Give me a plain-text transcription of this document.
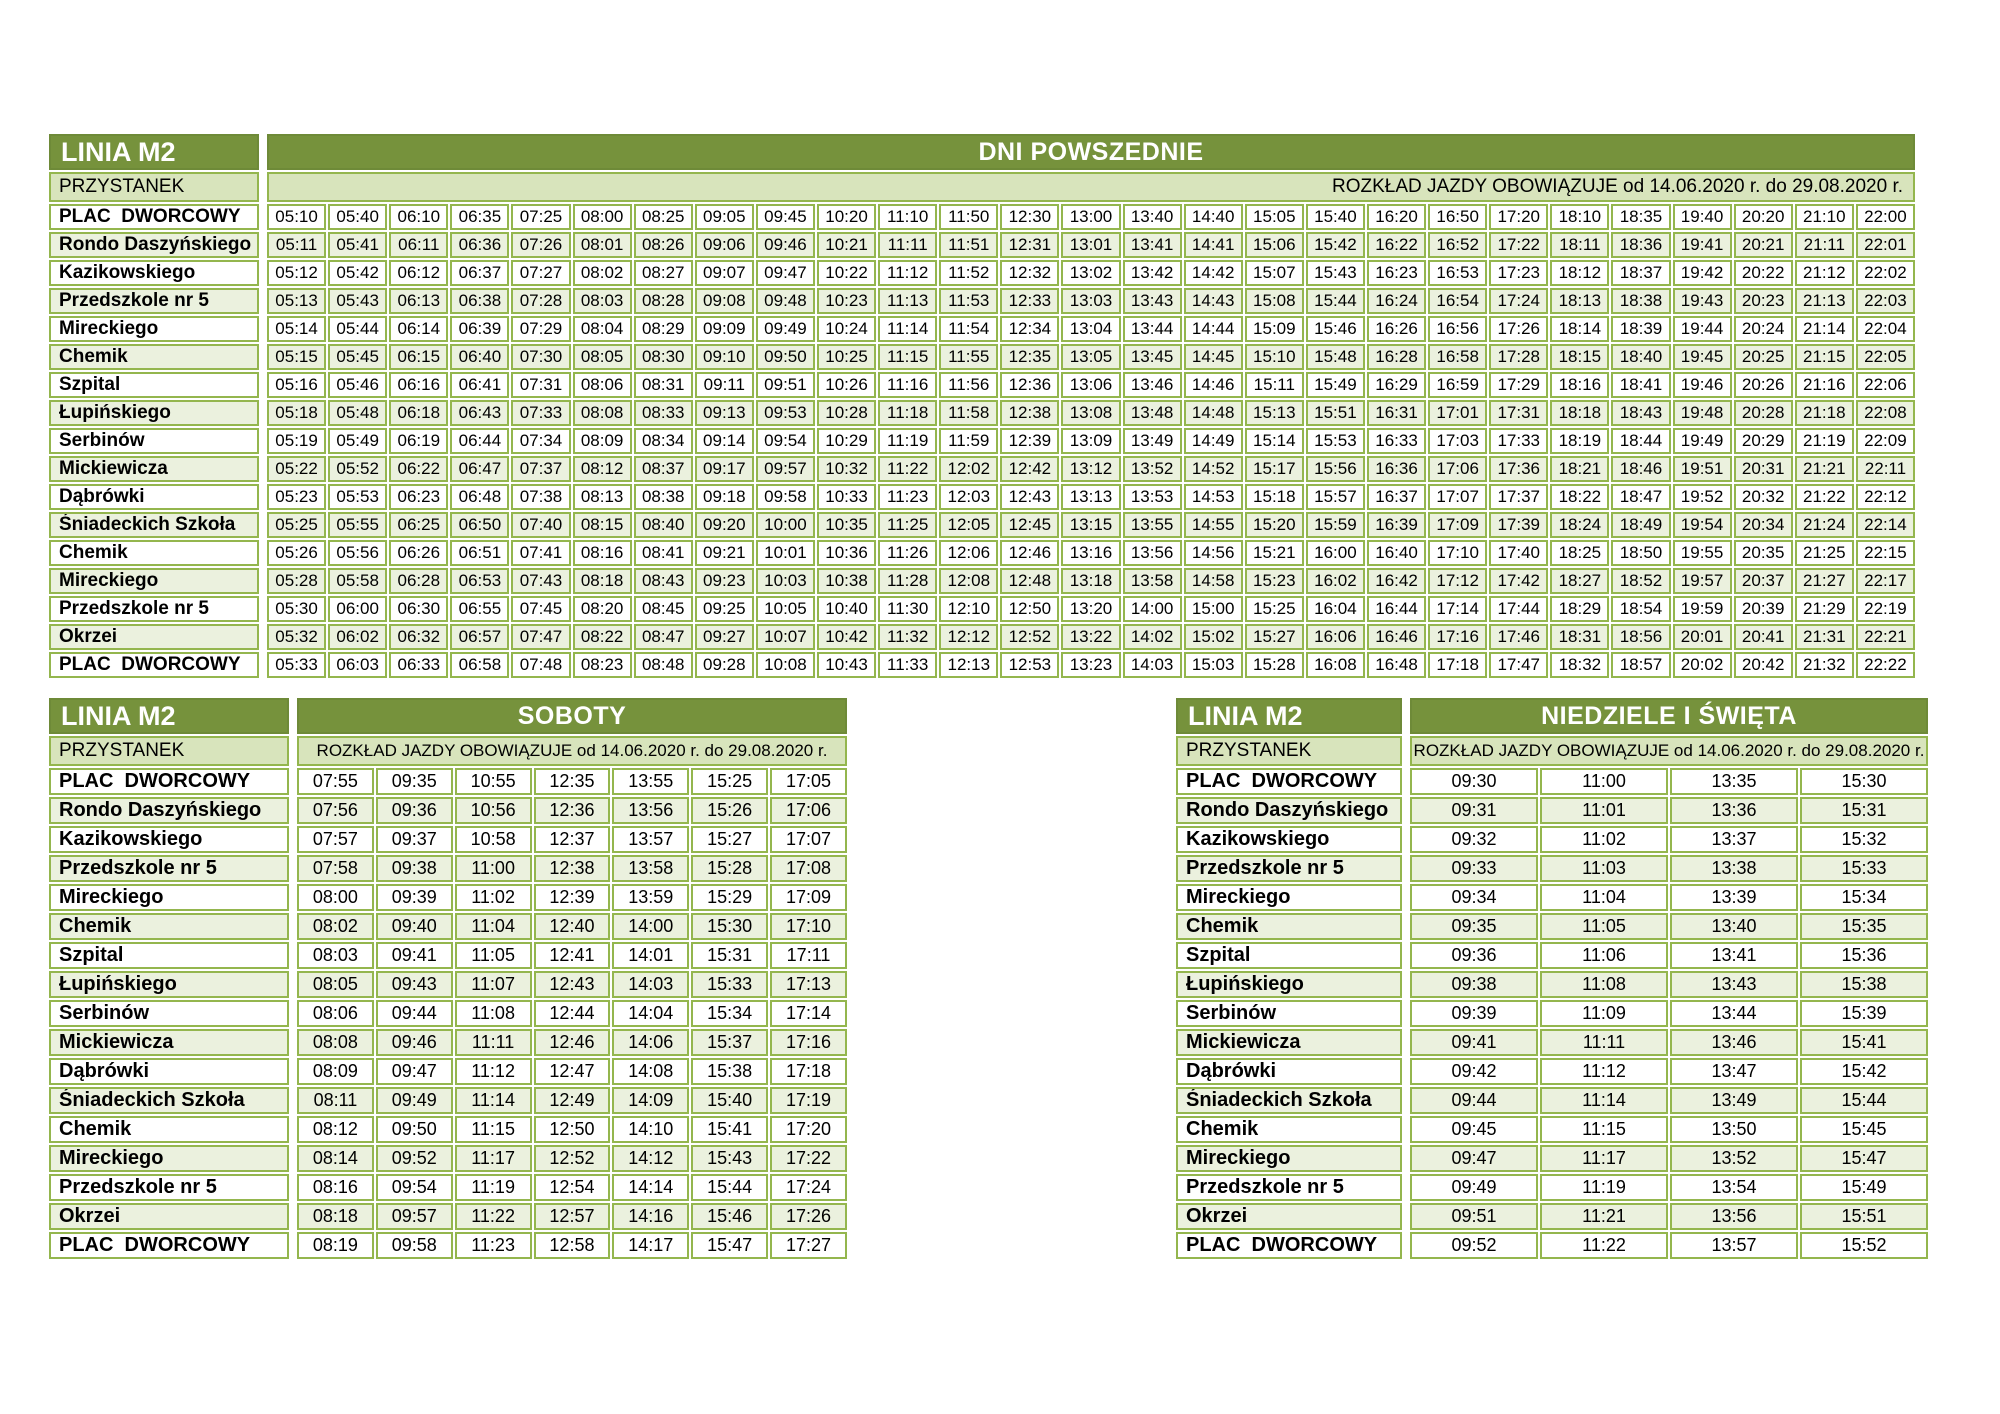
LINIA M2		DNI POWSZEDNIE																										
PRZYSTANEK		ROZKŁAD JAZDY OBOWIĄZUJE od 14.06.2020 r. do 29.08.2020 r.																										
PLAC  DWORCOWY		05:10	05:40	06:10	06:35	07:25	08:00	08:25	09:05	09:45	10:20	11:10	11:50	12:30	13:00	13:40	14:40	15:05	15:40	16:20	16:50	17:20	18:10	18:35	19:40	20:20	21:10	22:00
Rondo Daszyńskiego		05:11	05:41	06:11	06:36	07:26	08:01	08:26	09:06	09:46	10:21	11:11	11:51	12:31	13:01	13:41	14:41	15:06	15:42	16:22	16:52	17:22	18:11	18:36	19:41	20:21	21:11	22:01
Kazikowskiego		05:12	05:42	06:12	06:37	07:27	08:02	08:27	09:07	09:47	10:22	11:12	11:52	12:32	13:02	13:42	14:42	15:07	15:43	16:23	16:53	17:23	18:12	18:37	19:42	20:22	21:12	22:02
Przedszkole nr 5		05:13	05:43	06:13	06:38	07:28	08:03	08:28	09:08	09:48	10:23	11:13	11:53	12:33	13:03	13:43	14:43	15:08	15:44	16:24	16:54	17:24	18:13	18:38	19:43	20:23	21:13	22:03
Mireckiego		05:14	05:44	06:14	06:39	07:29	08:04	08:29	09:09	09:49	10:24	11:14	11:54	12:34	13:04	13:44	14:44	15:09	15:46	16:26	16:56	17:26	18:14	18:39	19:44	20:24	21:14	22:04
Chemik		05:15	05:45	06:15	06:40	07:30	08:05	08:30	09:10	09:50	10:25	11:15	11:55	12:35	13:05	13:45	14:45	15:10	15:48	16:28	16:58	17:28	18:15	18:40	19:45	20:25	21:15	22:05
Szpital		05:16	05:46	06:16	06:41	07:31	08:06	08:31	09:11	09:51	10:26	11:16	11:56	12:36	13:06	13:46	14:46	15:11	15:49	16:29	16:59	17:29	18:16	18:41	19:46	20:26	21:16	22:06
Łupińskiego		05:18	05:48	06:18	06:43	07:33	08:08	08:33	09:13	09:53	10:28	11:18	11:58	12:38	13:08	13:48	14:48	15:13	15:51	16:31	17:01	17:31	18:18	18:43	19:48	20:28	21:18	22:08
Serbinów		05:19	05:49	06:19	06:44	07:34	08:09	08:34	09:14	09:54	10:29	11:19	11:59	12:39	13:09	13:49	14:49	15:14	15:53	16:33	17:03	17:33	18:19	18:44	19:49	20:29	21:19	22:09
Mickiewicza		05:22	05:52	06:22	06:47	07:37	08:12	08:37	09:17	09:57	10:32	11:22	12:02	12:42	13:12	13:52	14:52	15:17	15:56	16:36	17:06	17:36	18:21	18:46	19:51	20:31	21:21	22:11
Dąbrówki		05:23	05:53	06:23	06:48	07:38	08:13	08:38	09:18	09:58	10:33	11:23	12:03	12:43	13:13	13:53	14:53	15:18	15:57	16:37	17:07	17:37	18:22	18:47	19:52	20:32	21:22	22:12
Śniadeckich Szkoła		05:25	05:55	06:25	06:50	07:40	08:15	08:40	09:20	10:00	10:35	11:25	12:05	12:45	13:15	13:55	14:55	15:20	15:59	16:39	17:09	17:39	18:24	18:49	19:54	20:34	21:24	22:14
Chemik		05:26	05:56	06:26	06:51	07:41	08:16	08:41	09:21	10:01	10:36	11:26	12:06	12:46	13:16	13:56	14:56	15:21	16:00	16:40	17:10	17:40	18:25	18:50	19:55	20:35	21:25	22:15
Mireckiego		05:28	05:58	06:28	06:53	07:43	08:18	08:43	09:23	10:03	10:38	11:28	12:08	12:48	13:18	13:58	14:58	15:23	16:02	16:42	17:12	17:42	18:27	18:52	19:57	20:37	21:27	22:17
Przedszkole nr 5		05:30	06:00	06:30	06:55	07:45	08:20	08:45	09:25	10:05	10:40	11:30	12:10	12:50	13:20	14:00	15:00	15:25	16:04	16:44	17:14	17:44	18:29	18:54	19:59	20:39	21:29	22:19
Okrzei		05:32	06:02	06:32	06:57	07:47	08:22	08:47	09:27	10:07	10:42	11:32	12:12	12:52	13:22	14:02	15:02	15:27	16:06	16:46	17:16	17:46	18:31	18:56	20:01	20:41	21:31	22:21
PLAC  DWORCOWY		05:33	06:03	06:33	06:58	07:48	08:23	08:48	09:28	10:08	10:43	11:33	12:13	12:53	13:23	14:03	15:03	15:28	16:08	16:48	17:18	17:47	18:32	18:57	20:02	20:42	21:32	22:22
LINIA M2		SOBOTY						
PRZYSTANEK		ROZKŁAD JAZDY OBOWIĄZUJE od 14.06.2020 r. do 29.08.2020 r.						
PLAC  DWORCOWY		07:55	09:35	10:55	12:35	13:55	15:25	17:05
Rondo Daszyńskiego		07:56	09:36	10:56	12:36	13:56	15:26	17:06
Kazikowskiego		07:57	09:37	10:58	12:37	13:57	15:27	17:07
Przedszkole nr 5		07:58	09:38	11:00	12:38	13:58	15:28	17:08
Mireckiego		08:00	09:39	11:02	12:39	13:59	15:29	17:09
Chemik		08:02	09:40	11:04	12:40	14:00	15:30	17:10
Szpital		08:03	09:41	11:05	12:41	14:01	15:31	17:11
Łupińskiego		08:05	09:43	11:07	12:43	14:03	15:33	17:13
Serbinów		08:06	09:44	11:08	12:44	14:04	15:34	17:14
Mickiewicza		08:08	09:46	11:11	12:46	14:06	15:37	17:16
Dąbrówki		08:09	09:47	11:12	12:47	14:08	15:38	17:18
Śniadeckich Szkoła		08:11	09:49	11:14	12:49	14:09	15:40	17:19
Chemik		08:12	09:50	11:15	12:50	14:10	15:41	17:20
Mireckiego		08:14	09:52	11:17	12:52	14:12	15:43	17:22
Przedszkole nr 5		08:16	09:54	11:19	12:54	14:14	15:44	17:24
Okrzei		08:18	09:57	11:22	12:57	14:16	15:46	17:26
PLAC  DWORCOWY		08:19	09:58	11:23	12:58	14:17	15:47	17:27
LINIA M2		NIEDZIELE I ŚWIĘTA			
PRZYSTANEK		ROZKŁAD JAZDY OBOWIĄZUJE od 14.06.2020 r. do 29.08.2020 r.			
PLAC  DWORCOWY		09:30	11:00	13:35	15:30
Rondo Daszyńskiego		09:31	11:01	13:36	15:31
Kazikowskiego		09:32	11:02	13:37	15:32
Przedszkole nr 5		09:33	11:03	13:38	15:33
Mireckiego		09:34	11:04	13:39	15:34
Chemik		09:35	11:05	13:40	15:35
Szpital		09:36	11:06	13:41	15:36
Łupińskiego		09:38	11:08	13:43	15:38
Serbinów		09:39	11:09	13:44	15:39
Mickiewicza		09:41	11:11	13:46	15:41
Dąbrówki		09:42	11:12	13:47	15:42
Śniadeckich Szkoła		09:44	11:14	13:49	15:44
Chemik		09:45	11:15	13:50	15:45
Mireckiego		09:47	11:17	13:52	15:47
Przedszkole nr 5		09:49	11:19	13:54	15:49
Okrzei		09:51	11:21	13:56	15:51
PLAC  DWORCOWY		09:52	11:22	13:57	15:52
